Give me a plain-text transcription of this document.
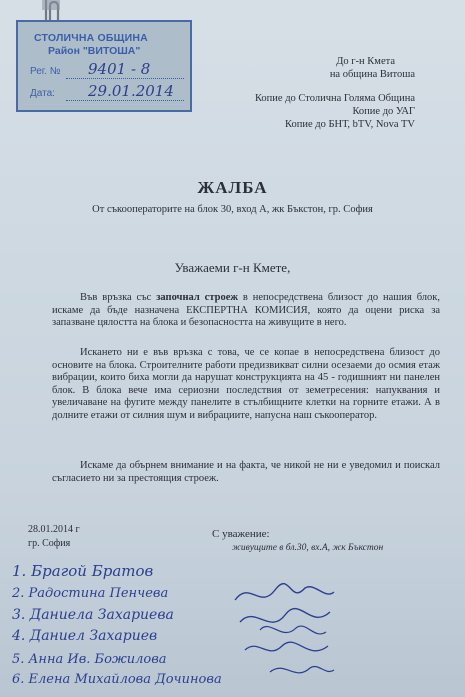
СТОЛИЧНА ОБЩИНА
Район "ВИТОША"
Рег. № 9401 - 8
Дата: 29.01.2014
До г-н Кмета
на община Витоша
Копие до Столична Голяма Община
Копие до УАГ
Копие до БНТ, bTV, Nova TV
ЖАЛБА
От съкооператорите на блок 30, вход А, жк Бъкстон, гр. София
Уважаеми г-н Кмете,
Във връзка със започнал строеж в непосредствена близост до нашия блок, искаме да бъде назначена ЕКСПЕРТНА КОМИСИЯ, която да оцени риска за запазване цялостта на блока и безопасността на живущите в него.
Искането ни е във връзка с това, че се копае в непосредствена близост до основите на блока. Строителните работи предизвикват силни осезаеми до осмия етаж вибрации, които биха могли да нарушат конструкцията на 45 - годишният ни панелен блок. В блока вече има сериозни последствия от земетресения: напуквания и увеличаване на фугите между панелите в стълбищните клетки на горните етажи. А в долните етажи от силния шум и вибрациите, напусна наш съкооператор.
Искаме да обърнем внимание и на факта, че никой не ни е уведомил и поискал съгласието ни за престоящия строеж.
28.01.2014 г
гр. София
С уважение:
живущите в бл.30, вх.А, жк Бъкстон
1. Брагой Братов
2. Радостина Пенчева
3. Даниела Захариева
4. Даниел Захариев
5. Анна Ив. Божилова
6. Елена Михайлова Дочинова
